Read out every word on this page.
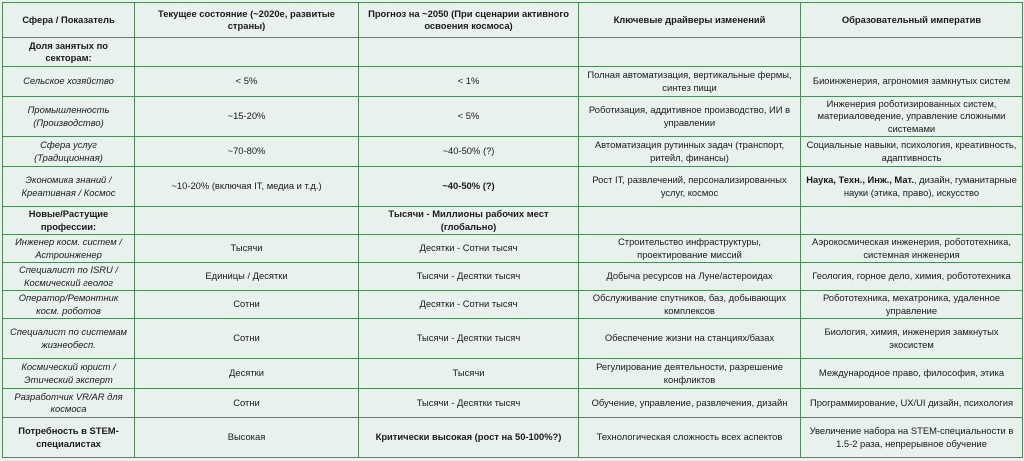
Сфера / Показатель	Текущее состояние (~2020е, развитые страны)	Прогноз на ~2050 (При сценарии активного освоения космоса)	Ключевые драйверы изменений	Образовательный императив
Доля занятых по секторам:				
Сельское хозяйство	< 5%	< 1%	Полная автоматизация, вертикальные фермы, синтез пищи	Биоинженерия, агрономия замкнутых систем
Промышленность (Производство)	~15-20%	< 5%	Роботизация, аддитивное производство, ИИ в управлении	Инженерия роботизированных систем, материаловедение, управление сложными системами
Сфера услуг (Традиционная)	~70-80%	~40-50% (?)	Автоматизация рутинных задач (транспорт, ритейл, финансы)	Социальные навыки, психология, креативность, адаптивность
Экономика знаний / Креативная / Космос	~10-20% (включая IT, медиа и т.д.)	~40-50% (?)	Рост IT, развлечений, персонализированных услуг, космос	Наука, Техн., Инж., Мат., дизайн, гуманитарные науки (этика, право), искусство
Новые/Растущие профессии:		Тысячи - Миллионы рабочих мест (глобально)		
Инженер косм. систем / Астроинженер	Тысячи	Десятки - Сотни тысяч	Строительство инфраструктуры, проектирование миссий	Аэрокосмическая инженерия, робототехника, системная инженерия
Специалист по ISRU / Космический геолог	Единицы / Десятки	Тысячи - Десятки тысяч	Добыча ресурсов на Луне/астероидах	Геология, горное дело, химия, робототехника
Оператор/Ремонтник косм. роботов	Сотни	Десятки - Сотни тысяч	Обслуживание спутников, баз, добывающих комплексов	Робототехника, мехатроника, удаленное управление
Специалист по системам жизнеобесп.	Сотни	Тысячи - Десятки тысяч	Обеспечение жизни на станциях/базах	Биология, химия, инженерия замкнутых экосистем
Космический юрист / Этический эксперт	Десятки	Тысячи	Регулирование деятельности, разрешение конфликтов	Международное право, философия, этика
Разработчик VR/AR для космоса	Сотни	Тысячи - Десятки тысяч	Обучение, управление, развлечения, дизайн	Программирование, UX/UI дизайн, психология
Потребность в STEM-специалистах	Высокая	Критически высокая (рост на 50-100%?)	Технологическая сложность всех аспектов	Увеличение набора на STEM-специальности в 1.5-2 раза, непрерывное обучение
